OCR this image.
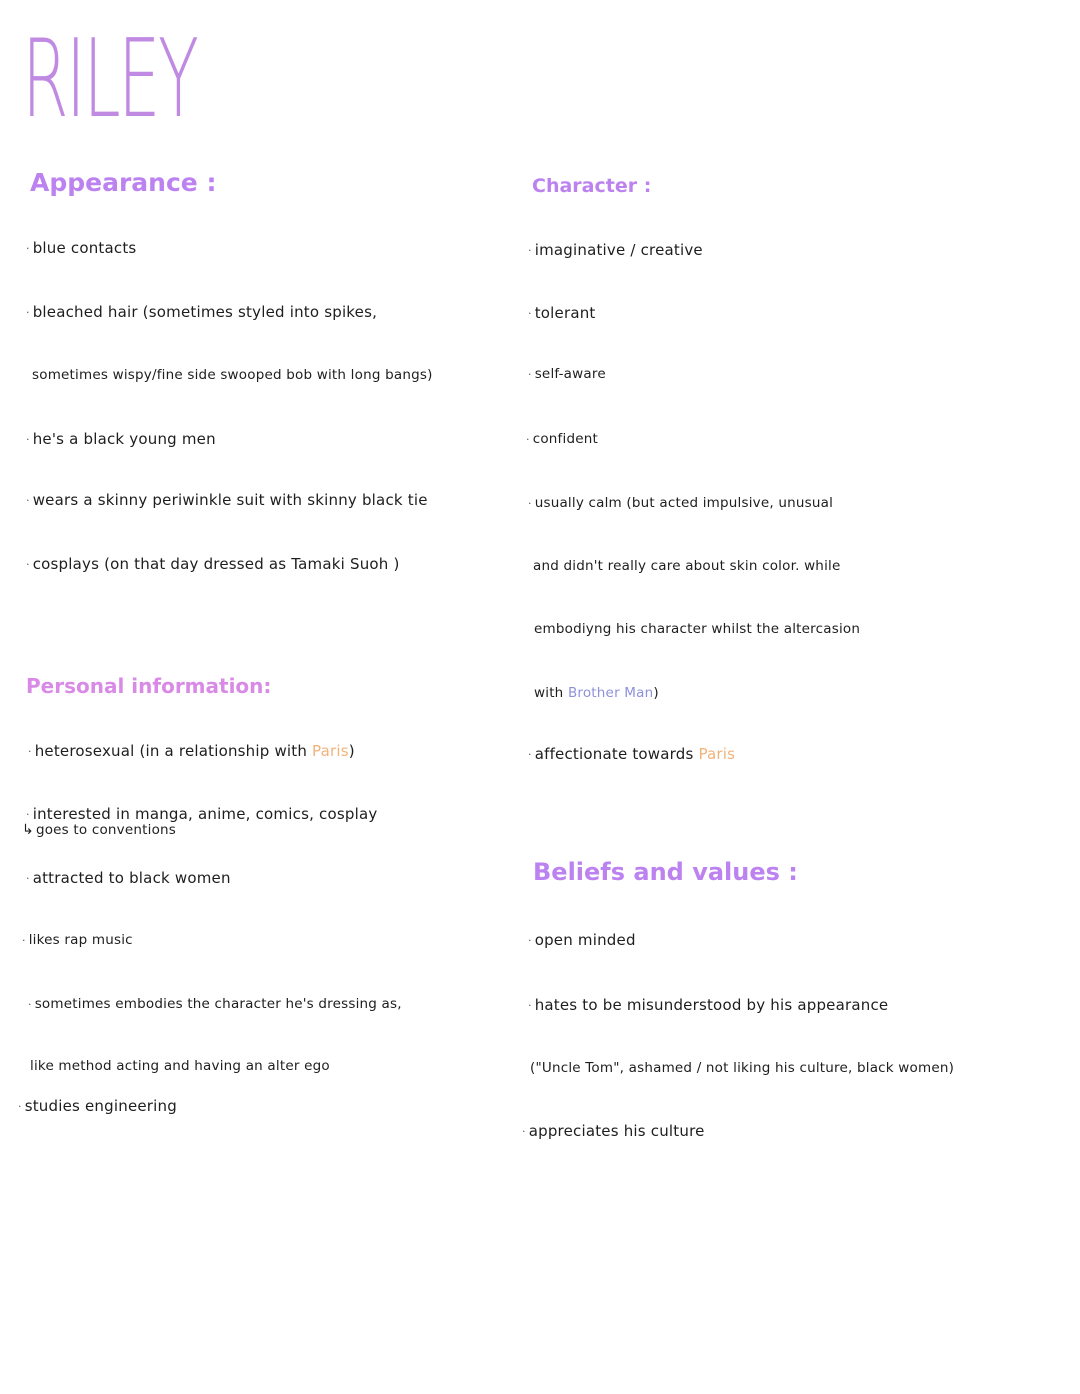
RILEY
Appearance :
· blue contacts
· bleached hair (sometimes styled into spikes,
sometimes wispy/fine side swooped bob with long bangs)
· he's a black young men
· wears a skinny periwinkle suit with skinny black tie
· cosplays (on that day dressed as Tamaki Suoh )
Personal information:
· heterosexual (in a relationship with Paris)
· interested in manga, anime, comics, cosplay
↳ goes to conventions
· attracted to black women
· likes rap music
· sometimes embodies the character he's dressing as,
like method acting and having an alter ego
· studies engineering
Character :
· imaginative / creative
· tolerant
· self-aware
· confident
· usually calm (but acted impulsive, unusual
and didn't really care about skin color. while
embodiyng his character whilst the altercasion
with Brother Man)
· affectionate towards Paris
Beliefs and values :
· open minded
· hates to be misunderstood by his appearance
("Uncle Tom", ashamed / not liking his culture, black women)
· appreciates his culture
